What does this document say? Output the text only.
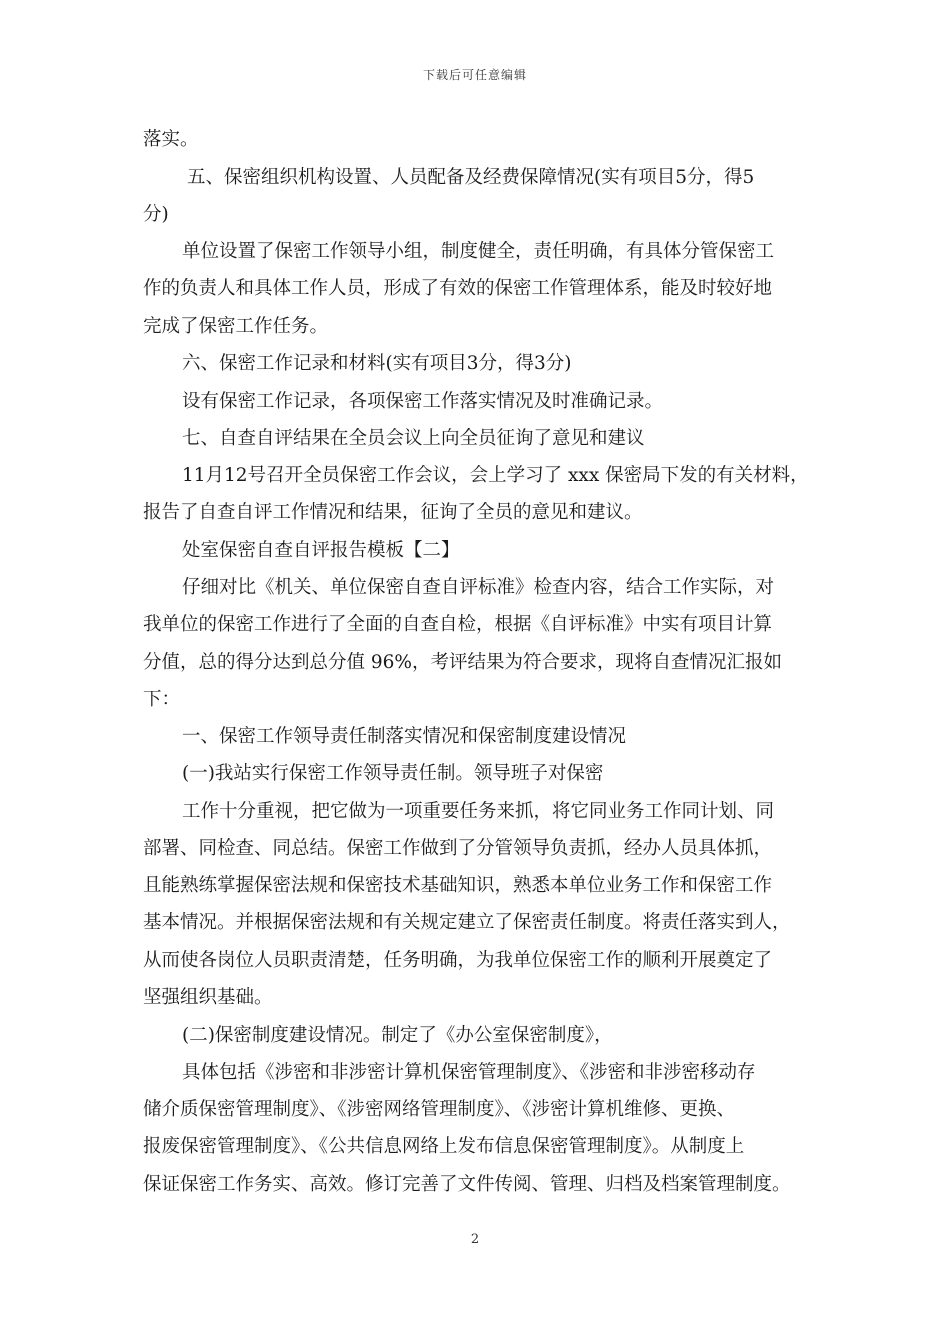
下载后可任意编辑
落实。
五、保密组织机构设置、人员配备及经费保障情况(实有项目5分，得5
分)
单位设置了保密工作领导小组，制度健全，责任明确，有具体分管保密工
作的负责人和具体工作人员，形成了有效的保密工作管理体系，能及时较好地
完成了保密工作任务。
六、保密工作记录和材料(实有项目3分，得3分)
设有保密工作记录，各项保密工作落实情况及时准确记录。
七、自查自评结果在全员会议上向全员征询了意见和建议
11月12号召开全员保密工作会议，会上学习了 xxx 保密局下发的有关材料，
报告了自查自评工作情况和结果，征询了全员的意见和建议。
处室保密自查自评报告模板【二】
仔细对比《机关、单位保密自查自评标准》检查内容，结合工作实际，对
我单位的保密工作进行了全面的自查自检，根据《自评标准》中实有项目计算
分值，总的得分达到总分值 96%，考评结果为符合要求，现将自查情况汇报如
下：
一、保密工作领导责任制落实情况和保密制度建设情况
(一)我站实行保密工作领导责任制。领导班子对保密
工作十分重视，把它做为一项重要任务来抓，将它同业务工作同计划、同
部署、同检查、同总结。保密工作做到了分管领导负责抓，经办人员具体抓，
且能熟练掌握保密法规和保密技术基础知识，熟悉本单位业务工作和保密工作
基本情况。并根据保密法规和有关规定建立了保密责任制度。将责任落实到人，
从而使各岗位人员职责清楚，任务明确，为我单位保密工作的顺利开展奠定了
坚强组织基础。
(二)保密制度建设情况。制定了《办公室保密制度》，
具体包括《涉密和非涉密计算机保密管理制度》、《涉密和非涉密移动存
储介质保密管理制度》、《涉密网络管理制度》、《涉密计算机维修、更换、
报废保密管理制度》、《公共信息网络上发布信息保密管理制度》。从制度上
保证保密工作务实、高效。修订完善了文件传阅、管理、归档及档案管理制度。
2
